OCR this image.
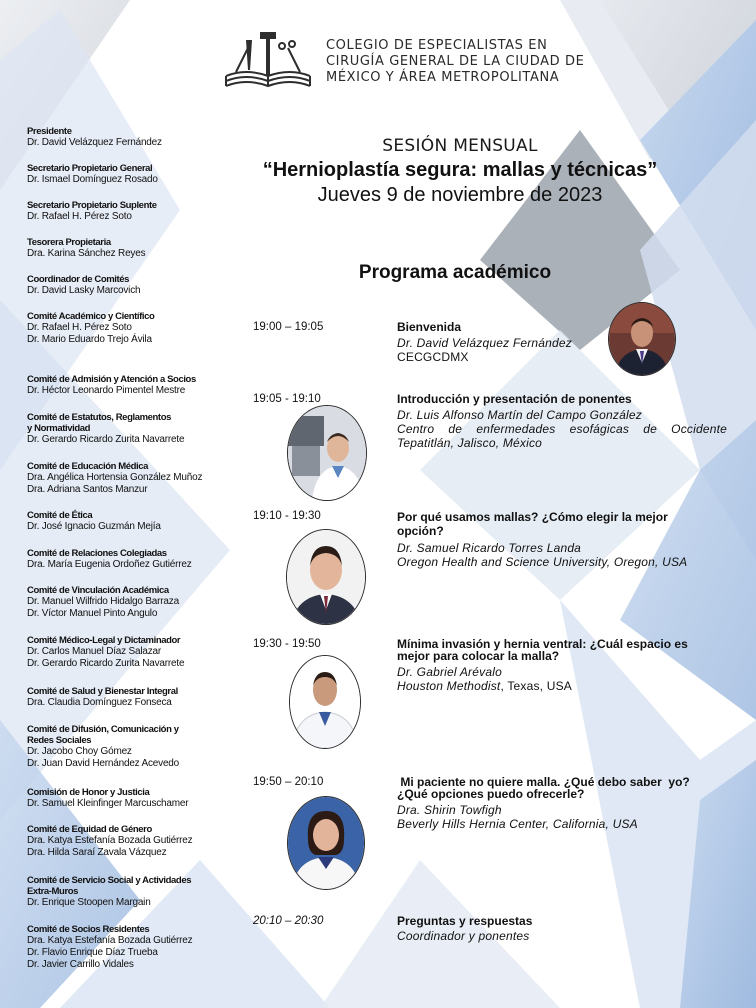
COLEGIO DE ESPECIALISTAS EN
CIRUGÍA GENERAL DE LA CIUDAD DE
MÉXICO Y ÁREA METROPOLITANA
SESIÓN MENSUAL
“Hernioplastía segura: mallas y técnicas”
Jueves 9 de noviembre de 2023
Programa académico
Presidente
Dr. David Velázquez Fernández
Secretario Propietario General
Dr. Ismael Domínguez Rosado
Secretario Propietario Suplente
Dr. Rafael H. Pérez Soto
Tesorera Propietaria
Dra. Karina Sánchez Reyes
Coordinador de Comités
Dr. David Lasky Marcovich
Comité Académico y Científico
Dr. Rafael H. Pérez Soto
Dr. Mario Eduardo Trejo Ávila
Comité de Admisión y Atención a Socios
Dr. Héctor Leonardo Pimentel Mestre
Comité de Estatutos, Reglamentos y Normatividad
Dr. Gerardo Ricardo Zurita Navarrete
Comité de Educación Médica
Dra. Angélica Hortensia González Muñoz
Dra. Adriana Santos Manzur
Comité de Ética
Dr. José Ignacio Guzmán Mejía
Comité de Relaciones Colegiadas
Dra. María Eugenia Ordoñez Gutiérrez
Comité de Vinculación Académica
Dr. Manuel Wilfrido Hidalgo Barraza
Dr. Víctor Manuel Pinto Angulo
Comité Médico-Legal y Dictaminador
Dr. Carlos Manuel Díaz Salazar
Dr. Gerardo Ricardo Zurita Navarrete
Comité de Salud y Bienestar Integral
Dra. Claudia Domínguez Fonseca
Comité de Difusión, Comunicación y Redes Sociales
Dr. Jacobo Choy Gómez
Dr. Juan David Hernández Acevedo
Comisión de Honor y Justicia
Dr. Samuel Kleinfinger Marcuschamer
Comité de Equidad de Género
Dra. Katya Estefanía Bozada Gutiérrez
Dra. Hilda Saraí Zavala Vázquez
Comité de Servicio Social y Actividades Extra-Muros
Dr. Enrique Stoopen Margain
Comité de Socios Residentes
Dra. Katya Estefanía Bozada Gutiérrez
Dr. Flavio Enrique Díaz Trueba
Dr. Javier Carrillo Vidales
19:00 – 19:05	Bienvenida
Dr. David Velázquez Fernández
CECGCDMX
19:05 - 19:10	Introducción y presentación de ponentes
Dr. Luis Alfonso Martín del Campo González
Centro de enfermedades esofágicas de Occidente Tepatitlán, Jalisco, México
19:10 - 19:30	Por qué usamos mallas? ¿Cómo elegir la mejor opción?
Dr. Samuel Ricardo Torres Landa
Oregon Health and Science University, Oregon, USA
19:30 - 19:50	Mínima invasión y hernia ventral: ¿Cuál espacio es mejor para colocar la malla?
Dr. Gabriel Arévalo
Houston Methodist, Texas, USA
19:50 – 20:10	Mi paciente no quiere malla. ¿Qué debo saber  yo? ¿Qué opciones puedo ofrecerle?
Dra. Shirin Towfigh
Beverly Hills Hernia Center, California, USA
20:10 – 20:30	Preguntas y respuestas
Coordinador y ponentes
